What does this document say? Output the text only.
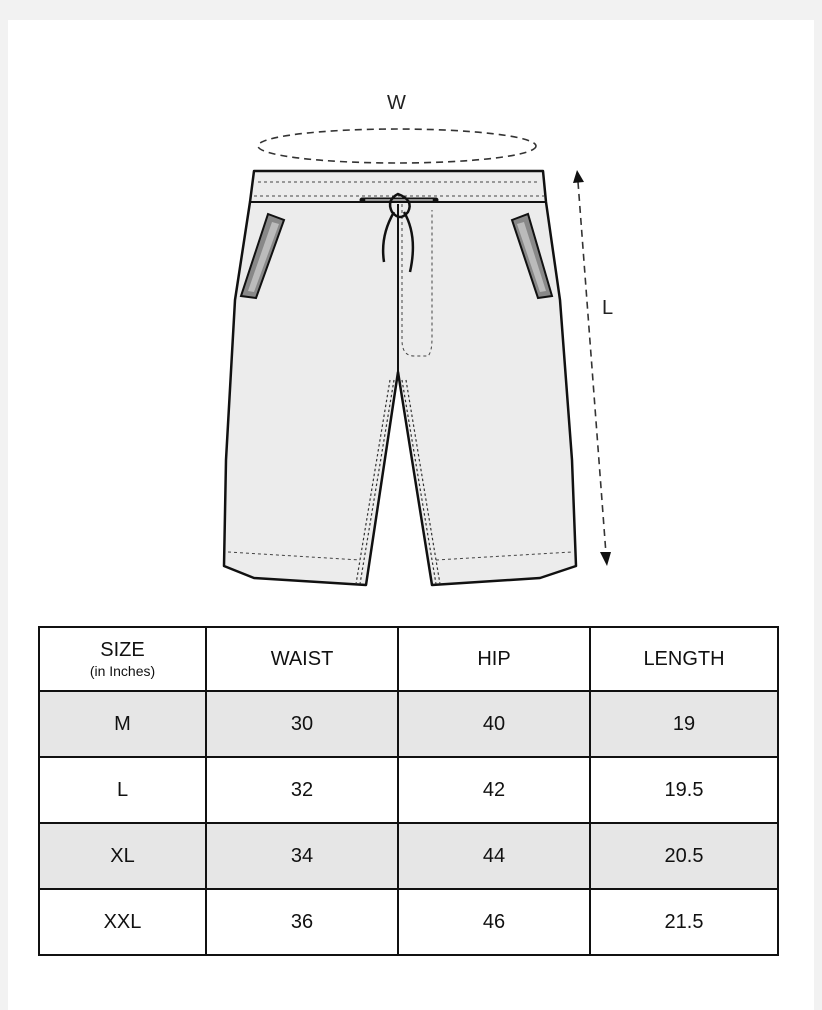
W
L
SIZE
(in Inches)	WAIST	HIP	LENGTH
M	30	40	19
L	32	42	19.5
XL	34	44	20.5
XXL	36	46	21.5
